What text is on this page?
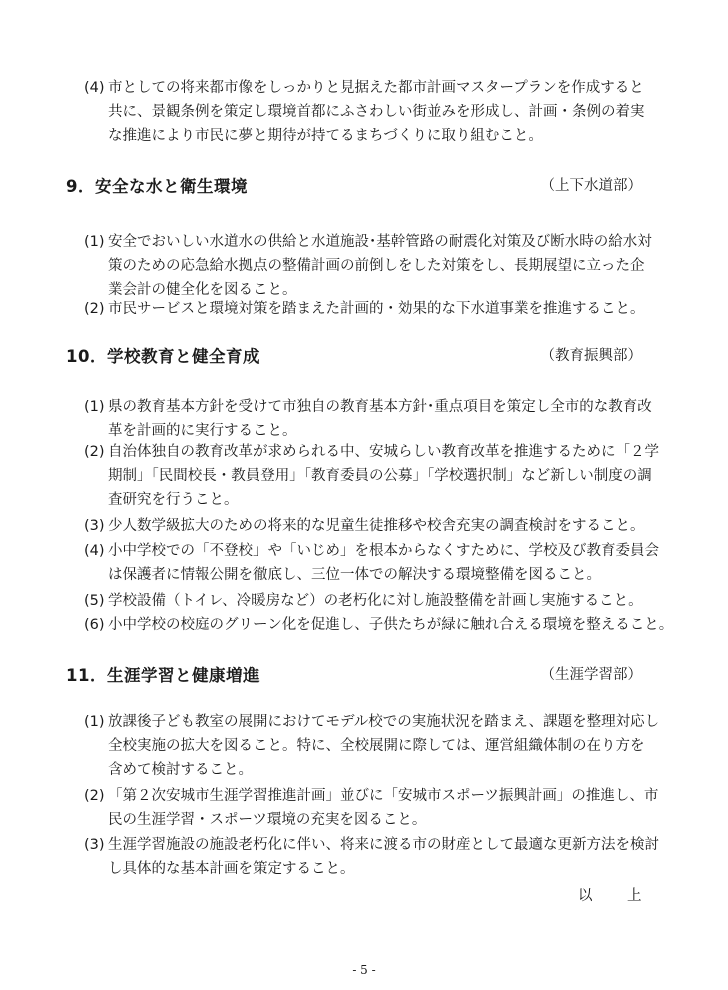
(4) 市としての将来都市像をしっかりと見据えた都市計画マスタープランを作成すると
共に、景観条例を策定し環境首都にふさわしい街並みを形成し、計画・条例の着実
な推進により市民に夢と期待が持てるまちづくりに取り組むこと。
9．安全な水と衛生環境	（上下水道部）
(1) 安全でおいしい水道水の供給と水道施設･基幹管路の耐震化対策及び断水時の給水対
策のための応急給水拠点の整備計画の前倒しをした対策をし、長期展望に立った企
業会計の健全化を図ること。
(2) 市民サービスと環境対策を踏まえた計画的・効果的な下水道事業を推進すること。
10．学校教育と健全育成	（教育振興部）
(1) 県の教育基本方針を受けて市独自の教育基本方針･重点項目を策定し全市的な教育改
革を計画的に実行すること。
(2) 自治体独自の教育改革が求められる中、安城らしい教育改革を推進するために「２学
期制」「民間校長・教員登用」「教育委員の公募」「学校選択制」など新しい制度の調
査研究を行うこと。
(3) 少人数学級拡大のための将来的な児童生徒推移や校舎充実の調査検討をすること。
(4) 小中学校での「不登校」や「いじめ」を根本からなくすために、学校及び教育委員会
は保護者に情報公開を徹底し、三位一体での解決する環境整備を図ること。
(5) 学校設備（トイレ、冷暖房など）の老朽化に対し施設整備を計画し実施すること。
(6) 小中学校の校庭のグリーン化を促進し、子供たちが緑に触れ合える環境を整えること。
11．生涯学習と健康増進	（生涯学習部）
(1) 放課後子ども教室の展開におけてモデル校での実施状況を踏まえ、課題を整理対応し
全校実施の拡大を図ること。特に、全校展開に際しては、運営組織体制の在り方を
含めて検討すること。
(2) 「第２次安城市生涯学習推進計画」並びに「安城市スポーツ振興計画」の推進し、市
民の生涯学習・スポーツ環境の充実を図ること。
(3) 生涯学習施設の施設老朽化に伴い、将来に渡る市の財産として最適な更新方法を検討
し具体的な基本計画を策定すること。
以　上
- 5 -
